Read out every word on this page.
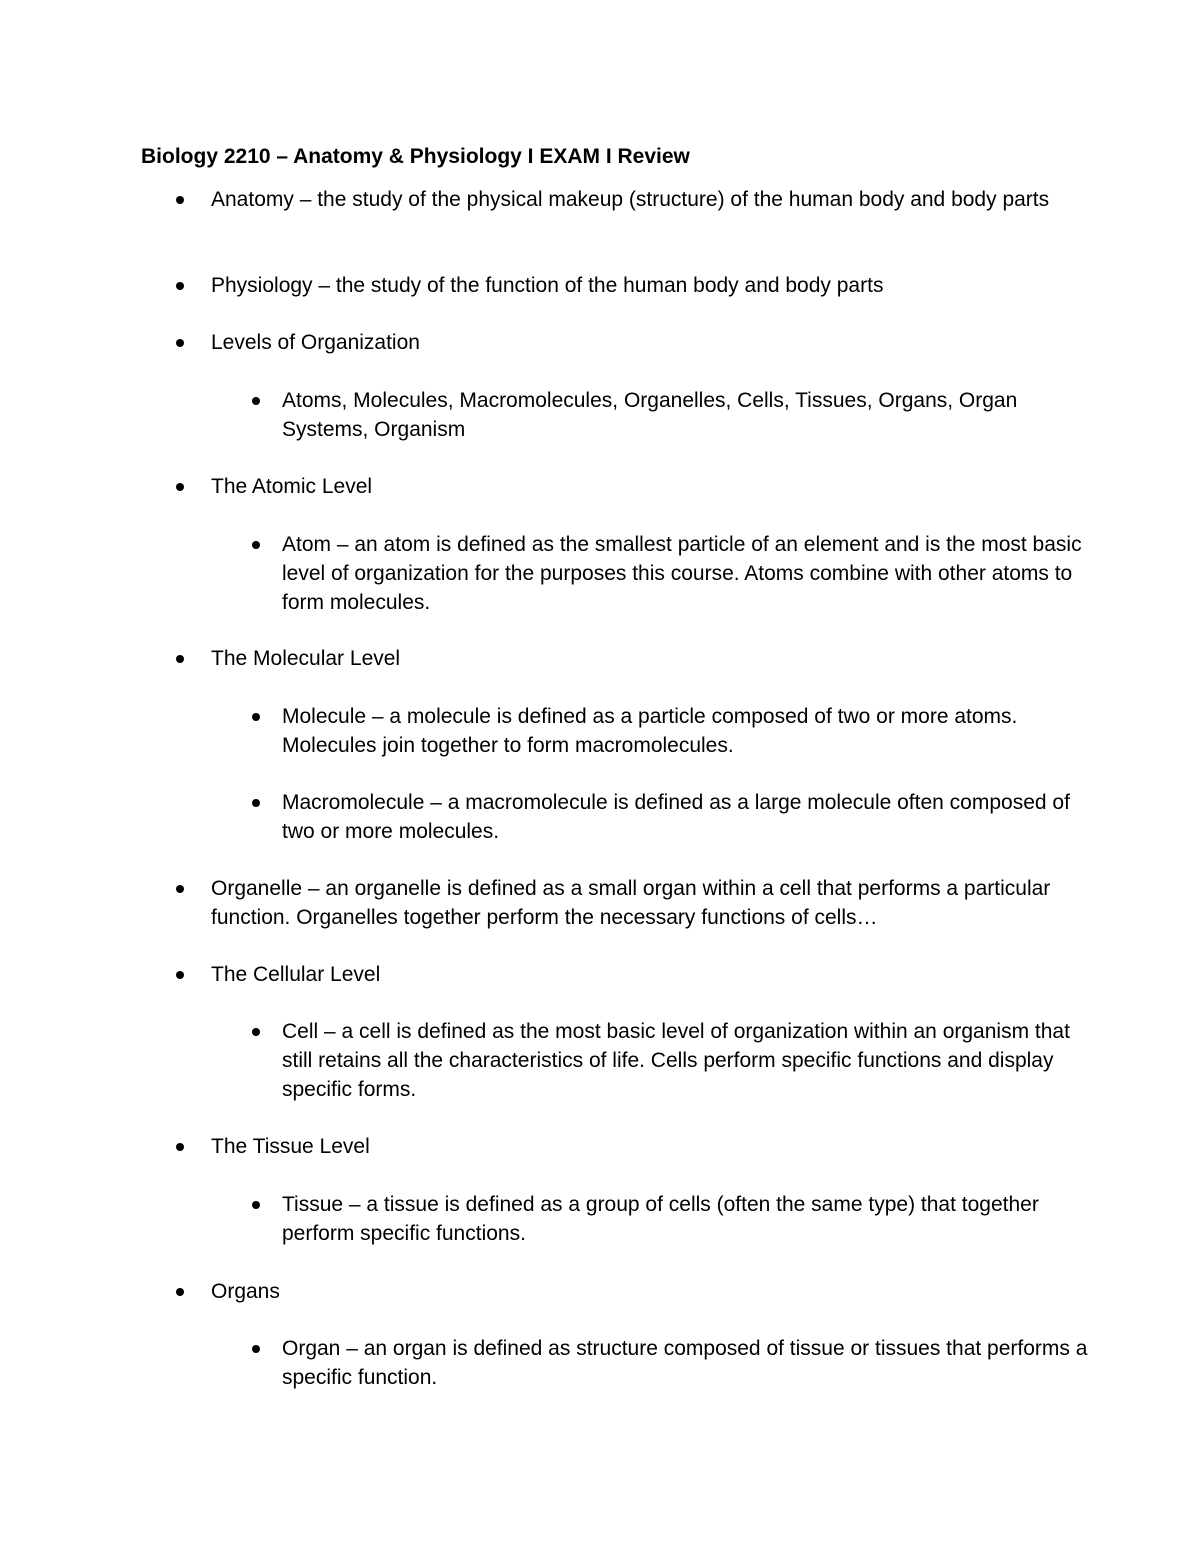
Biology 2210 – Anatomy & Physiology I EXAM I Review
Anatomy – the study of the physical makeup (structure) of the human body and body parts
Physiology – the study of the function of the human body and body parts
Levels of Organization
Atoms, Molecules, Macromolecules, Organelles, Cells, Tissues, Organs, Organ Systems, Organism
The Atomic Level
Atom – an atom is defined as the smallest particle of an element and is the most basic level of organization for the purposes this course. Atoms combine with other atoms to form molecules.
The Molecular Level
Molecule – a molecule is defined as a particle composed of two or more atoms. Molecules join together to form macromolecules.
Macromolecule – a macromolecule is defined as a large molecule often composed of two or more molecules.
Organelle – an organelle is defined as a small organ within a cell that performs a particular function. Organelles together perform the necessary functions of cells…
The Cellular Level
Cell – a cell is defined as the most basic level of organization within an organism that still retains all the characteristics of life. Cells perform specific functions and display specific forms.
The Tissue Level
Tissue – a tissue is defined as a group of cells (often the same type) that together perform specific functions.
Organs
Organ – an organ is defined as structure composed of tissue or tissues that performs a specific function.
